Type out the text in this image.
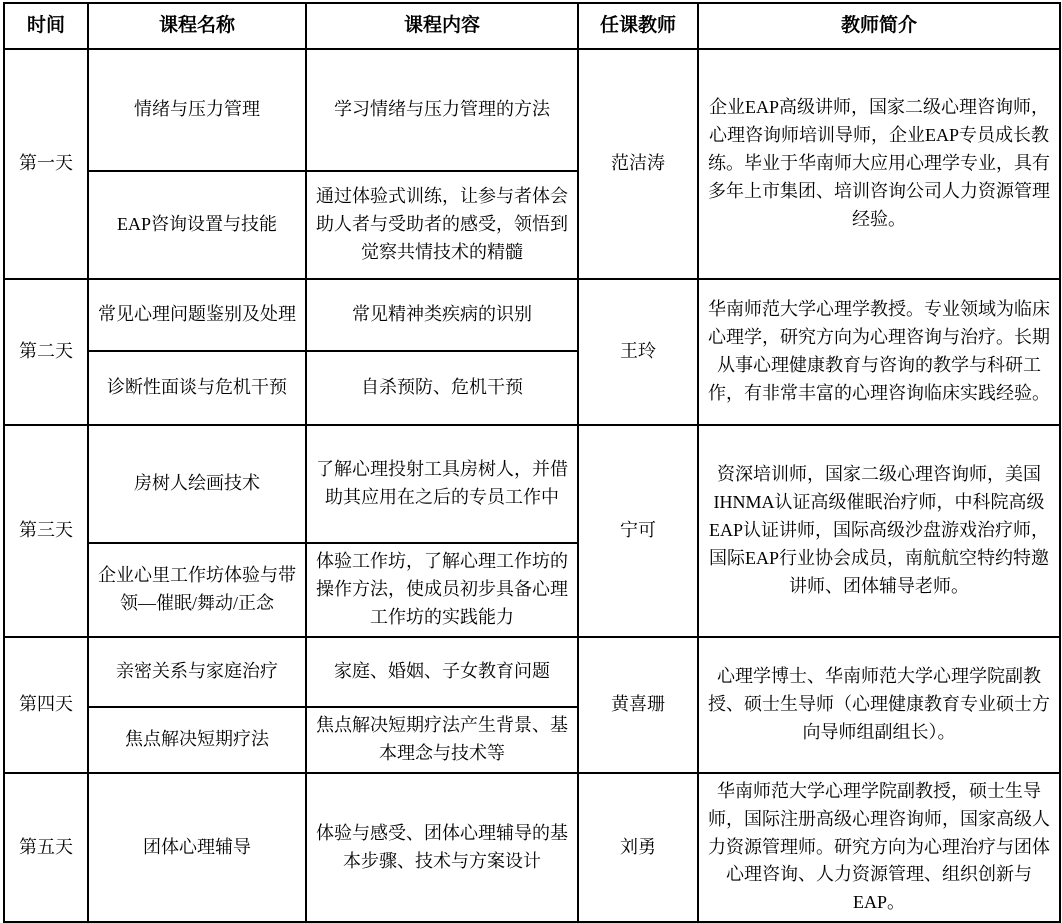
时间	课程名称	课程内容	任课教师	教师简介
第一天	情绪与压力管理	学习情绪与压力管理的方法	范洁涛	企业EAP高级讲师，国家二级心理咨询师，心理咨询师培训导师，企业EAP专员成长教练。毕业于华南师大应用心理学专业，具有多年上市集团、培训咨询公司人力资源管理经验。
	EAP咨询设置与技能	通过体验式训练，让参与者体会助人者与受助者的感受，领悟到觉察共情技术的精髓		
第二天	常见心理问题鉴别及处理	常见精神类疾病的识别	王玲	华南师范大学心理学教授。专业领域为临床心理学，研究方向为心理咨询与治疗。长期从事心理健康教育与咨询的教学与科研工作，有非常丰富的心理咨询临床实践经验。
	诊断性面谈与危机干预	自杀预防、危机干预		
第三天	房树人绘画技术	了解心理投射工具房树人，并借助其应用在之后的专员工作中	宁可	资深培训师，国家二级心理咨询师，美国IHNMA认证高级催眠治疗师，中科院高级EAP认证讲师，国际高级沙盘游戏治疗师，国际EAP行业协会成员，南航航空特约特邀讲师、团体辅导老师。
	企业心里工作坊体验与带领—催眠/舞动/正念	体验工作坊，了解心理工作坊的操作方法，使成员初步具备心理工作坊的实践能力		
第四天	亲密关系与家庭治疗	家庭、婚姻、子女教育问题	黄喜珊	心理学博士、华南师范大学心理学院副教授、硕士生导师（心理健康教育专业硕士方向导师组副组长）。
	焦点解决短期疗法	焦点解决短期疗法产生背景、基本理念与技术等		
第五天	团体心理辅导	体验与感受、团体心理辅导的基本步骤、技术与方案设计	刘勇	华南师范大学心理学院副教授，硕士生导师，国际注册高级心理咨询师，国家高级人力资源管理师。研究方向为心理治疗与团体心理咨询、人力资源管理、组织创新与EAP。
